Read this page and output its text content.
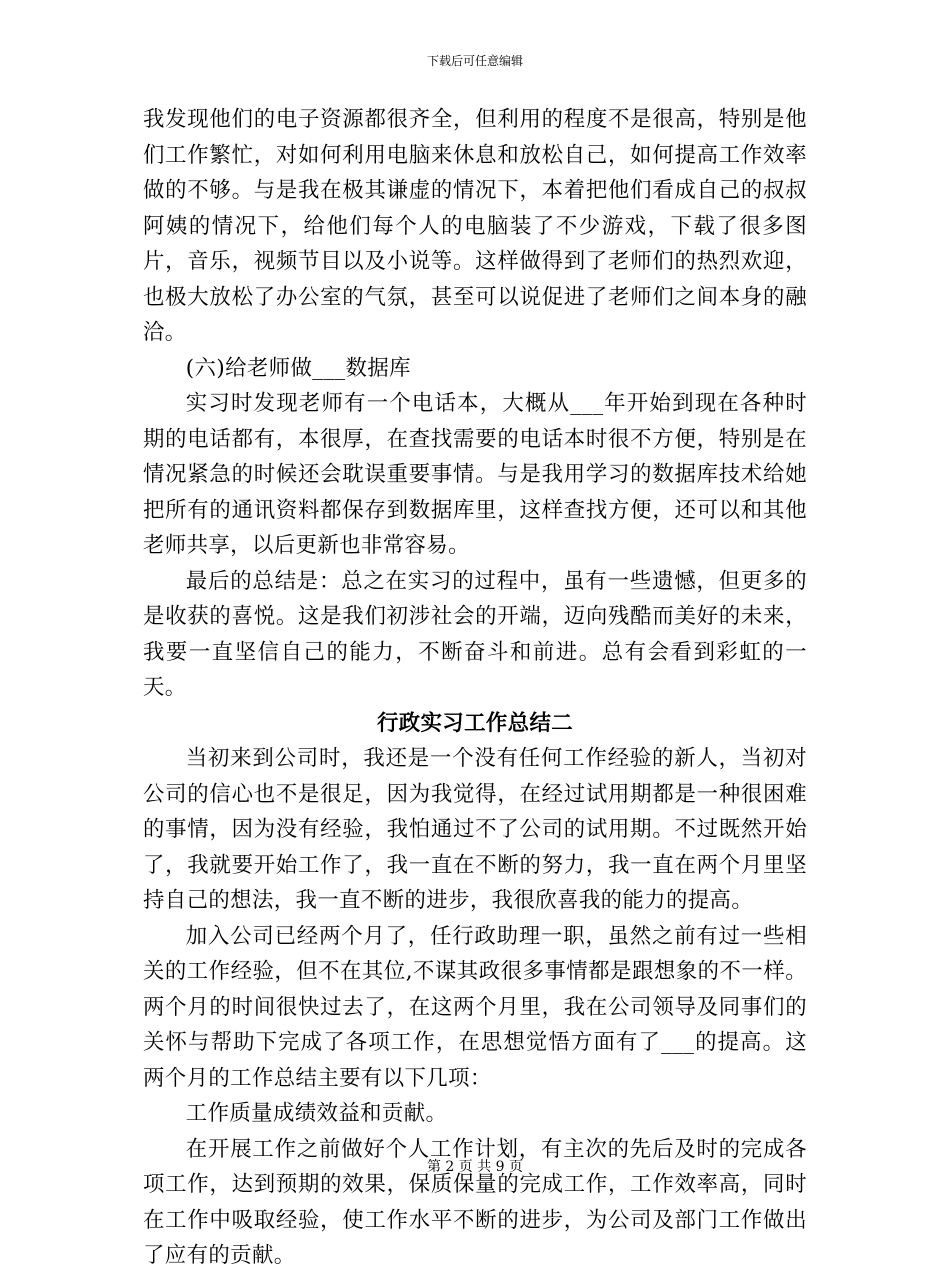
下载后可任意编辑

我发现他们的电子资源都很齐全，但利用的程度不是很高，特别是他们工作繁忙，对如何利用电脑来休息和放松自己，如何提高工作效率做的不够。与是我在极其谦虚的情况下，本着把他们看成自己的叔叔阿姨的情况下，给他们每个人的电脑装了不少游戏，下载了很多图片，音乐，视频节目以及小说等。这样做得到了老师们的热烈欢迎，也极大放松了办公室的气氛，甚至可以说促进了老师们之间本身的融洽。

(六)给老师做___数据库

实习时发现老师有一个电话本，大概从___年开始到现在各种时期的电话都有，本很厚，在查找需要的电话本时很不方便，特别是在情况紧急的时候还会耽误重要事情。与是我用学习的数据库技术给她把所有的通讯资料都保存到数据库里，这样查找方便，还可以和其他老师共享，以后更新也非常容易。

最后的总结是：总之在实习的过程中，虽有一些遗憾，但更多的是收获的喜悦。这是我们初涉社会的开端，迈向残酷而美好的未来，我要一直坚信自己的能力，不断奋斗和前进。总有会看到彩虹的一天。

行政实习工作总结二

当初来到公司时，我还是一个没有任何工作经验的新人，当初对公司的信心也不是很足，因为我觉得，在经过试用期都是一种很困难的事情，因为没有经验，我怕通过不了公司的试用期。不过既然开始了，我就要开始工作了，我一直在不断的努力，我一直在两个月里坚持自己的想法，我一直不断的进步，我很欣喜我的能力的提高。

加入公司已经两个月了，任行政助理一职，虽然之前有过一些相关的工作经验，但不在其位,不谋其政很多事情都是跟想象的不一样。两个月的时间很快过去了，在这两个月里，我在公司领导及同事们的关怀与帮助下完成了各项工作，在思想觉悟方面有了___的提高。这两个月的工作总结主要有以下几项：

工作质量成绩效益和贡献。

在开展工作之前做好个人工作计划，有主次的先后及时的完成各项工作，达到预期的效果，保质保量的完成工作，工作效率高，同时在工作中吸取经验，使工作水平不断的进步，为公司及部门工作做出了应有的贡献。

第 2 页 共 9 页
